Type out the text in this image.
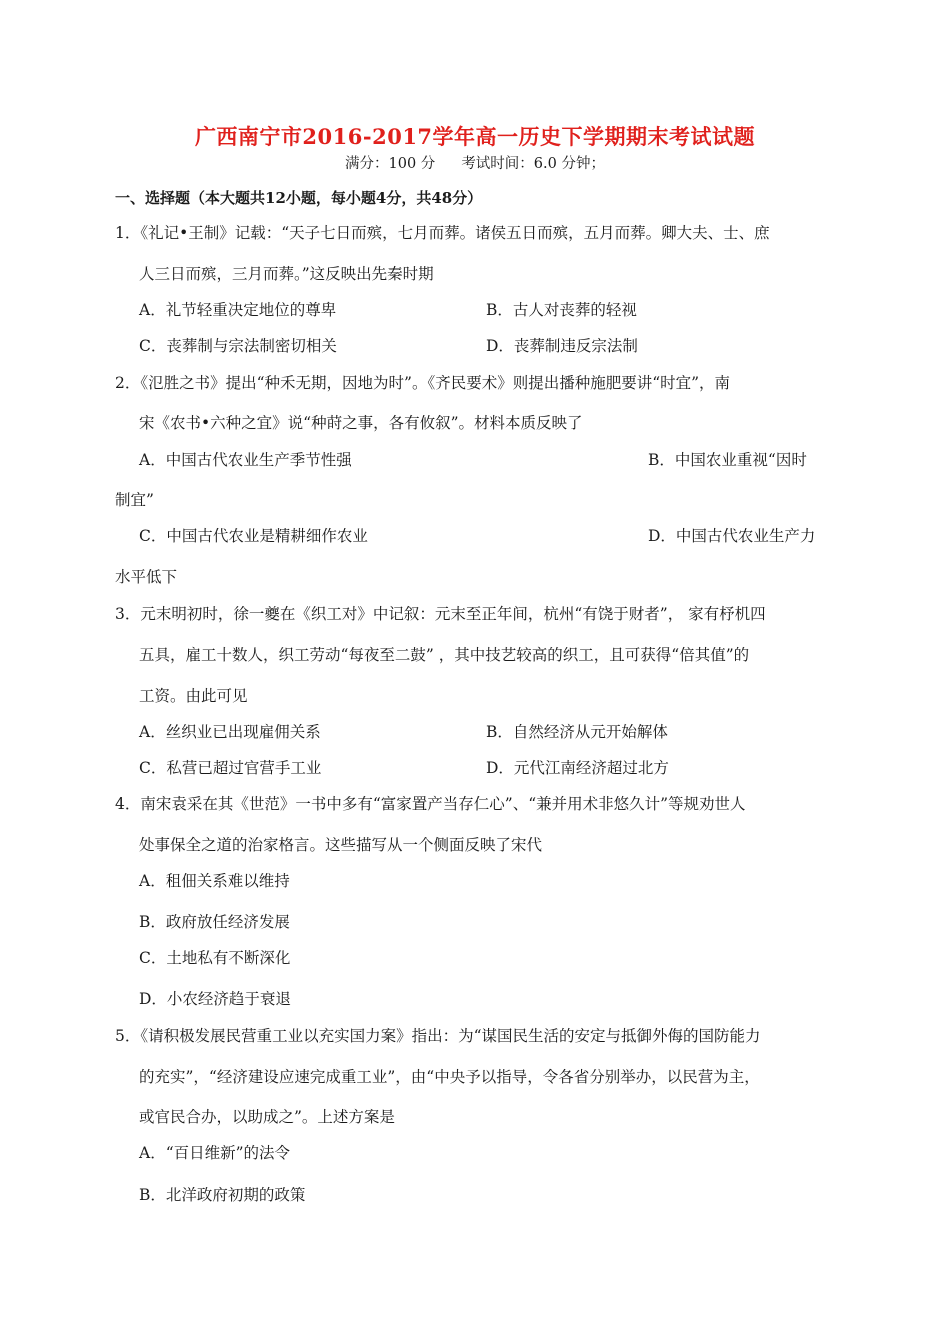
广西南宁市2016-2017学年高一历史下学期期末考试试题
满分：100 分 考试时间：6.0 分钟；
一、选择题（本大题共12小题，每小题4分，共48分）
1．《礼记•王制》记载：“天子七日而殡，七月而葬。诸侯五日而殡，五月而葬。卿大夫、士、庶
人三日而殡，三月而葬。”这反映出先秦时期
A．礼节轻重决定地位的尊卑	B．古人对丧葬的轻视
C．丧葬制与宗法制密切相关	D．丧葬制违反宗法制
2．《氾胜之书》提出“种禾无期，因地为时”。《齐民要术》则提出播种施肥要讲“时宜”，南
宋《农书•六种之宜》说“种莳之事，各有攸叙”。材料本质反映了
A．中国古代农业生产季节性强	B．中国农业重视“因时
制宜”
C．中国古代农业是精耕细作农业	D．中国古代农业生产力
水平低下
3．元末明初时，徐一夔在《织工对》中记叙：元末至正年间，杭州“有饶于财者”， 家有杼机四
五具，雇工十数人，织工劳动“每夜至二鼓” ，其中技艺较高的织工，且可获得“倍其值”的
工资。由此可见
A．丝织业已出现雇佣关系	B．自然经济从元开始解体
C．私营已超过官营手工业	D．元代江南经济超过北方
4．南宋袁采在其《世范》一书中多有“富家置产当存仁心”、“兼并用术非悠久计”等规劝世人
处事保全之道的治家格言。这些描写从一个侧面反映了宋代
A．租佃关系难以维持
B．政府放任经济发展
C．土地私有不断深化
D．小农经济趋于衰退
5．《请积极发展民营重工业以充实国力案》指出：为“谋国民生活的安定与抵御外侮的国防能力
的充实”，“经济建设应速完成重工业”，由“中央予以指导，令各省分别举办，以民营为主，
或官民合办，以助成之”。上述方案是
A．“百日维新”的法令
B．北洋政府初期的政策
